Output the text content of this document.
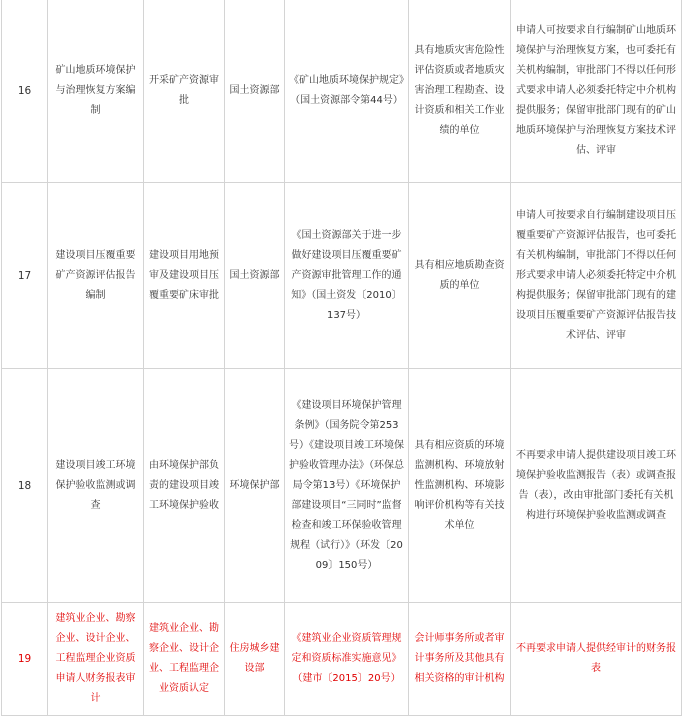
16	矿山地质环境保护与治理恢复方案编制	开采矿产资源审批	国土资源部	《矿山地质环境保护规定》（国土资源部令第44号）	具有地质灾害危险性评估资质或者地质灾害治理工程勘查、设计资质和相关工作业绩的单位	申请人可按要求自行编制矿山地质环境保护与治理恢复方案，也可委托有关机构编制，审批部门不得以任何形式要求申请人必须委托特定中介机构提供服务；保留审批部门现有的矿山地质环境保护与治理恢复方案技术评估、评审

17	建设项目压覆重要矿产资源评估报告编制	建设项目用地预审及建设项目压覆重要矿床审批	国土资源部	《国土资源部关于进一步做好建设项目压覆重要矿产资源审批管理工作的通知》（国土资发〔2010〕137号）	具有相应地质勘查资质的单位	申请人可按要求自行编制建设项目压覆重要矿产资源评估报告，也可委托有关机构编制，审批部门不得以任何形式要求申请人必须委托特定中介机构提供服务；保留审批部门现有的建设项目压覆重要矿产资源评估报告技术评估、评审

18	建设项目竣工环境保护验收监测或调查	由环境保护部负责的建设项目竣工环境保护验收	环境保护部	《建设项目环境保护管理条例》（国务院令第253号）《建设项目竣工环境保护验收管理办法》（环保总局令第13号）《环境保护部建设项目“三同时”监督检查和竣工环保验收管理规程（试行）》（环发〔2009〕150号）	具有相应资质的环境监测机构、环境放射性监测机构、环境影响评价机构等有关技术单位	不再要求申请人提供建设项目竣工环境保护验收监测报告（表）或调查报告（表），改由审批部门委托有关机构进行环境保护验收监测或调查

19	建筑业企业、勘察企业、设计企业、工程监理企业资质申请人财务报表审计	建筑业企业、勘察企业、设计企业、工程监理企业资质认定	住房城乡建设部	《建筑业企业资质管理规定和资质标准实施意见》（建市〔2015〕20号）	会计师事务所或者审计事务所及其他具有相关资格的审计机构	不再要求申请人提供经审计的财务报表
